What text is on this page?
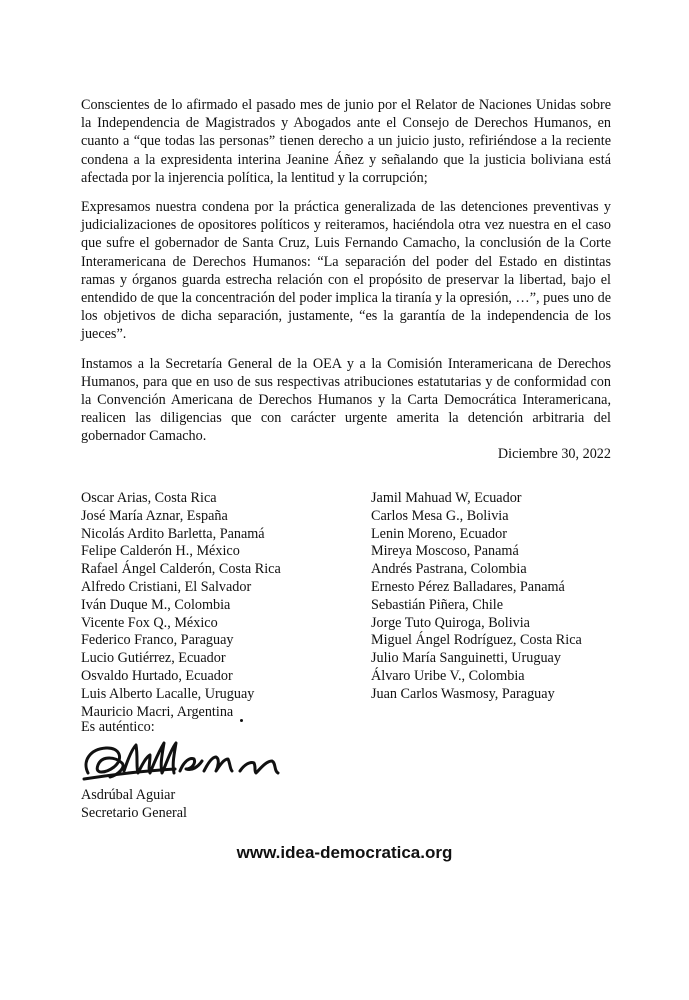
Conscientes de lo afirmado el pasado mes de junio por el Relator de Naciones Unidas sobre la Independencia de Magistrados y Abogados ante el Consejo de Derechos Humanos, en cuanto a “que todas las personas” tienen derecho a un juicio justo, refiriéndose a la reciente condena a la expresidenta interina Jeanine Áñez y señalando que la justicia boliviana está afectada por la injerencia política, la lentitud y la corrupción;

Expresamos nuestra condena por la práctica generalizada de las detenciones preventivas y judicializaciones de opositores políticos y reiteramos, haciéndola otra vez nuestra en el caso que sufre el gobernador de Santa Cruz, Luis Fernando Camacho, la conclusión de la Corte Interamericana de Derechos Humanos: “La separación del poder del Estado en distintas ramas y órganos guarda estrecha relación con el propósito de preservar la libertad, bajo el entendido de que la concentración del poder implica la tiranía y la opresión, …”, pues uno de los objetivos de dicha separación, justamente, “es la garantía de la independencia de los jueces”.

Instamos a la Secretaría General de la OEA y a la Comisión Interamericana de Derechos Humanos, para que en uso de sus respectivas atribuciones estatutarias y de conformidad con la Convención Americana de Derechos Humanos y la Carta Democrática Interamericana, realicen las diligencias que con carácter urgente amerita la detención arbitraria del gobernador Camacho.

Diciembre 30, 2022
Oscar Arias, Costa Rica
José María Aznar, España
Nicolás Ardito Barletta, Panamá
Felipe Calderón H., México
Rafael Ángel Calderón, Costa Rica
Alfredo Cristiani, El Salvador
Iván Duque M., Colombia
Vicente Fox Q., México
Federico Franco, Paraguay
Lucio Gutiérrez, Ecuador
Osvaldo Hurtado, Ecuador
Luis Alberto Lacalle, Uruguay
Mauricio Macri, Argentina
Jamil Mahuad W, Ecuador
Carlos Mesa G., Bolivia
Lenin Moreno, Ecuador
Mireya Moscoso, Panamá
Andrés Pastrana, Colombia
Ernesto Pérez Balladares, Panamá
Sebastián Piñera, Chile
Jorge Tuto Quiroga, Bolivia
Miguel Ángel Rodríguez, Costa Rica
Julio María Sanguinetti, Uruguay
Álvaro Uribe V., Colombia
Juan Carlos Wasmosy, Paraguay
Es auténtico:
Asdrúbal Aguiar
Secretario General
www.idea-democratica.org
